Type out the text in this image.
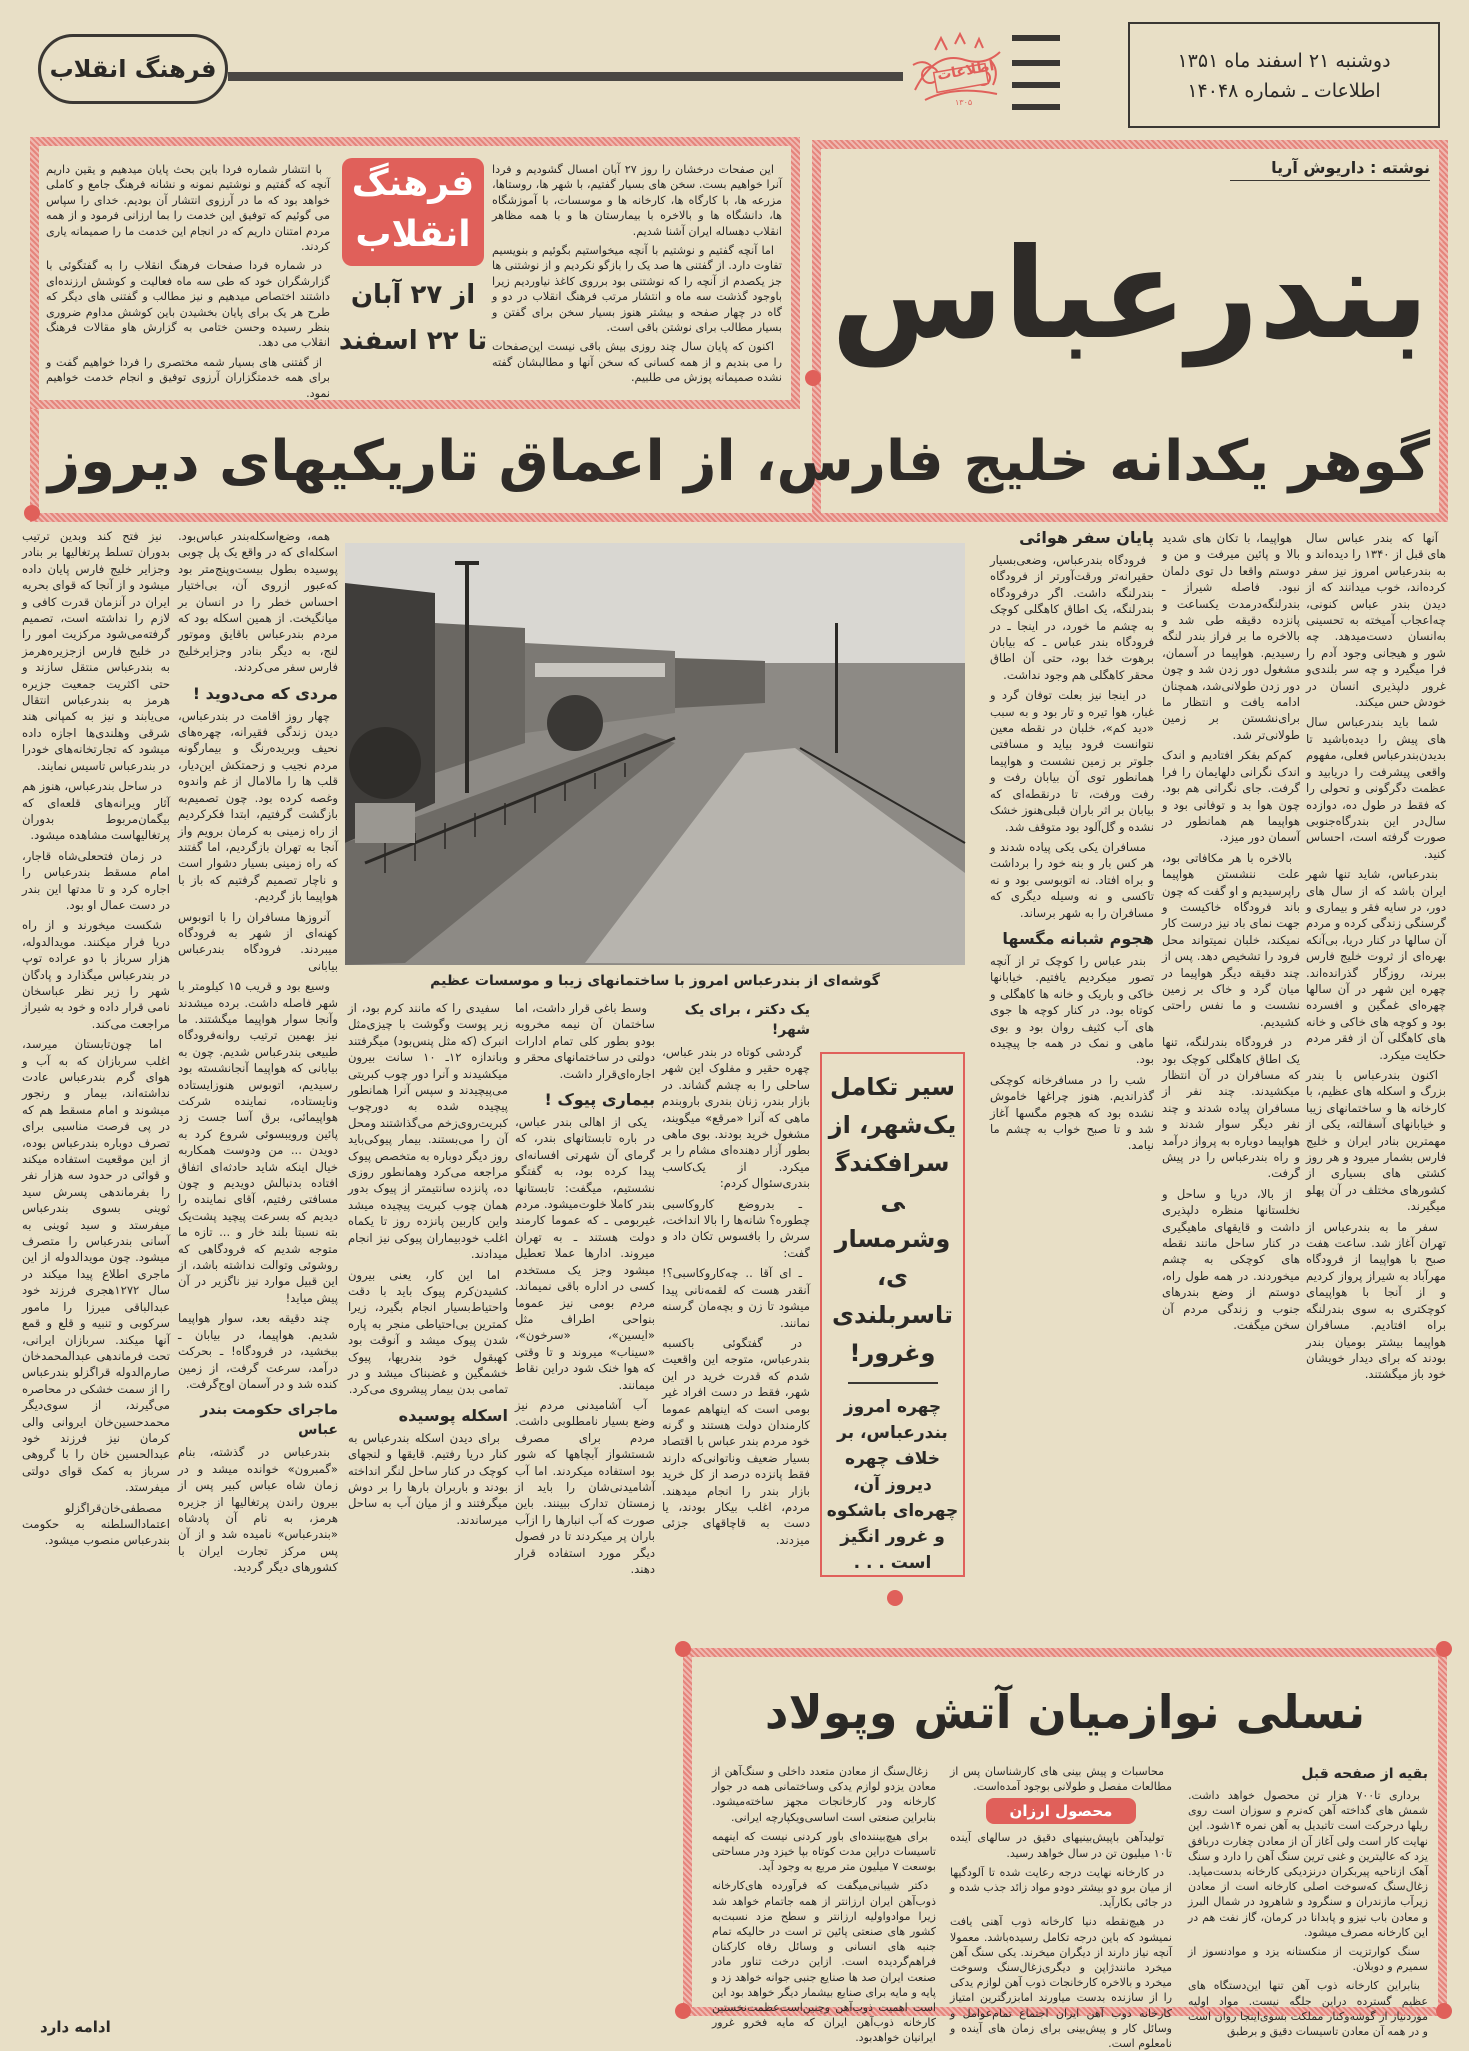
فرهنگ انقلاب	اطلاعات
۱۳۰۵
دوشنبه ۲۱ اسفند ماه ۱۳۵۱
اطلاعات ـ شماره ۱۴۰۴۸
فرهنگ
انقلاب
از ۲۷ آبان
تا ۲۲ اسفند

این صفحات درخشان را روز ۲۷ آبان امسال گشودیم و فردا آنرا خواهیم بست. سخن های بسیار گفتیم، با شهر ها، روستاها، مزرعه ها، با کارگاه ها، کارخانه ها و موسسات، با آموزشگاه ها، دانشگاه ها و بالاخره با بیمارستان ها و با همه مظاهر انقلاب دهساله ایران آشنا شدیم.

اما آنچه گفتیم و نوشتیم با آنچه میخواستیم بگوئیم و بنویسیم تفاوت دارد. از گفتنی ها صد یک را بازگو نکردیم و از نوشتنی ها جز یکصدم از آنچه را که نوشتنی بود برروی کاغذ نیاوردیم زیرا باوجود گذشت سه ماه و انتشار مرتب فرهنگ انقلاب در دو و گاه در چهار صفحه و بیشتر هنوز بسیار سخن برای گفتن و بسیار مطالب برای نوشتن باقی است.

اکنون که پایان سال چند روزی بیش باقی نیست این‌صفحات را می بندیم و از همه کسانی که سخن آنها و مطالبشان گفته نشده صمیمانه پوزش می طلبیم.

با انتشار شماره فردا باین بحث پایان میدهیم و یقین داریم آنچه که گفتیم و نوشتیم نمونه و نشانه فرهنگ جامع و کاملی خواهد بود که ما در آرزوی انتشار آن بودیم. خدای را سپاس می گوئیم که توفیق این خدمت را بما ارزانی فرمود و از همه مردم امتنان داریم که در انجام این خدمت ما را صمیمانه یاری کردند.

در شماره فردا صفحات فرهنگ انقلاب را به گفتگوئی با گزارشگران خود که طی سه ماه فعالیت و کوشش ارزنده‌ای داشتند اختصاص میدهیم و نیز مطالب و گفتنی های دیگر که طرح هر یک برای پایان بخشیدن باین کوشش مداوم ضروری بنظر رسیده وحسن ختامی به گزارش هاو مقالات فرهنگ انقلاب می دهد.

از گفتنی های بسیار شمه مختصری را فردا خواهیم گفت و برای همه خدمتگزاران آرزوی توفیق و انجام خدمت خواهیم نمود.

نوشته : داریوش آریا
بندرعباس
گوهر یکدانه خلیج فارس، از اعماق تاریکیهای دیروز
گوشه‌ای از بندرعباس امروز با ساختمانهای زیبا و موسسات عظیم

آنها که بندر عباس سال های قبل از ۱۳۴۰ را دیده‌اند و به بندرعباس امروز نیز سفر کرده‌اند، خوب میدانند که از دیدن بندر عباس کنونی، چه‌اعجاب آمیخته به تحسینی به‌انسان دست‌میدهد. چه شور و هیجانی وجود آدم را فرا میگیرد و چه سر بلندی‌و غرور دلپذیری انسان در خودش حس میکند.

شما باید بندرعباس سال های پیش را دیده‌باشید تا بدیدن‌بندرعباس فعلی، مفهوم واقعی پیشرفت را دریابید و عظمت دگرگونی و تحولی را که فقط در طول ده، دوازده سال‌در این بندرگاه‌جنوبی صورت گرفته است، احساس کنید.

بندرعباس، شاید تنها شهر ایران باشد که از سال های دور، در سایه فقر و بیماری و گرسنگی زندگی کرده و مردم آن سالها در کنار دریا، بی‌آنکه بهره‌ای از ثروت خلیج فارس ببرند، روزگار گذرانده‌اند. چهره این شهر در آن سالها چهره‌ای غمگین و افسرده بود و کوچه های خاکی و خانه های کاهگلی آن از فقر مردم حکایت میکرد.

اکنون بندرعباس با بندر بزرگ و اسکله های عظیم، با کارخانه ها و ساختمانهای زیبا و خیابانهای آسفالته، یکی از مهمترین بنادر ایران و خلیج فارس بشمار میرود و هر روز کشتی های بسیاری از کشورهای مختلف در آن پهلو میگیرند.

سفر ما به بندرعباس از تهران آغاز شد. ساعت هفت صبح با هواپیما از فرودگاه مهرآباد به شیراز پرواز کردیم و از آنجا با هواپیمای کوچکتری به سوی بندرلنگه براه افتادیم. مسافران هواپیما بیشتر بومیان بندر بودند که برای دیدار خویشان خود باز میگشتند.

هواپیما، با تکان های شدید بالا و پائین میرفت و من و دوستم واقعا دل توی دلمان نبود. فاصله شیراز ـ بندرلنگه‌درمدت یکساعت و پانزده دقیقه طی شد و بالاخره ما بر فراز بندر لنگه رسیدیم. هواپیما در آسمان، مشغول دور زدن شد و چون دور زدن طولانی‌شد، همچنان ادامه یافت و انتظار ما برای‌نشستن بر زمین طولانی‌تر شد.

کم‌کم بفکر افتادیم و اندک اندک نگرانی دلهایمان را فرا گرفت. جای نگرانی هم بود. چون هوا بد و توفانی بود و هواپیما هم همانطور در آسمان دور میزد.

بالاخره با هر مکافاتی بود، علت ننشستن هواپیما راپرسیدیم و او گفت که چون باند فرودگاه خاکیست و جهت نمای باد نیز درست کار نمیکند، خلبان نمیتواند محل فرود را تشخیص دهد. پس از چند دقیقه دیگر هواپیما در میان گرد و خاک بر زمین نشست و ما نفس راحتی کشیدیم.

در فرودگاه بندرلنگه، تنها یک اطاق کاهگلی کوچک بود که مسافران در آن انتظار میکشیدند. چند نفر از مسافران پیاده شدند و چند نفر دیگر سوار شدند و هواپیما دوباره به پرواز درآمد و راه بندرعباس را در پیش گرفت.

از بالا، دریا و ساحل و نخلستانها منظره دلپذیری داشت و قایقهای ماهیگیری در کنار ساحل مانند نقطه های کوچکی به چشم میخوردند. در همه طول راه، دوستم از وضع بندرهای جنوب و زندگی مردم آن سخن میگفت.

پایان سفر هوائی

فرودگاه بندرعباس، وضعی‌بسیار حقیرانه‌تر ورقت‌آورتر از فرودگاه بندرلنگه داشت. اگر درفرودگاه بندرلنگه، یک اطاق کاهگلی کوچک به چشم ما خورد، در اینجا ـ در فرودگاه بندر عباس ـ که بیابان برهوت خدا بود، حتی آن اطاق محقر کاهگلی هم وجود نداشت.

در اینجا نیز بعلت توفان گرد و غبار، هوا تیره و تار بود و به سبب «دید کم»، خلبان در نقطه معین نتوانست فرود بیاید و مسافتی جلوتر بر زمین نشست و هواپیما همانطور توی آن بیابان رفت و رفت ورفت، تا درنقطه‌ای که بیابان بر اثر باران قبلی‌هنوز خشک نشده و گل‌آلود بود متوقف شد.

مسافران یکی یکی پیاده شدند و هر کس بار و بنه خود را برداشت و براه افتاد. نه اتوبوسی بود و نه تاکسی و نه وسیله دیگری که مسافران را به شهر برساند.

هجوم شبانه مگسها

بندر عباس را کوچک تر از آنچه تصور میکردیم یافتیم. خیابانها خاکی و باریک و خانه ها کاهگلی و کوتاه بود. در کنار کوچه ها جوی های آب کثیف روان بود و بوی ماهی و نمک در همه جا پیچیده بود.

شب را در مسافرخانه کوچکی گذراندیم. هنوز چراغها خاموش نشده بود که هجوم مگسها آغاز شد و تا صبح خواب به چشم ما نیامد.

سیر تکامل یک‌شهر، از سرافکندگی وشرمساری، تاسربلندی وغرور!
چهره امروز بندرعباس، بر خلاف چهره دیروز آن، چهره‌ای باشکوه و غرور انگیز است . . .
یک دکتر ، برای یک شهر!

گردشی کوتاه در بندر عباس، چهره حقیر و مفلوک این شهر ساحلی را به چشم گشاند. در بازار بندر، زنان بندری باروبندم ماهی که آنرا «مرقع» میگویند، مشغول خرید بودند. بوی ماهی بطور آزار دهنده‌ای مشام را بر میکرد. از یک‌کاسب بندری‌سئوال کردم:

ـ بدروضع کاروکاسبی چطوره؟ شانه‌ها را بالا انداخت، سرش را بافسوس تکان داد و گفت:

ـ ای آقا .. چه‌کاروکاسبی؟! آنقدر هست که لقمه‌نانی پیدا میشود تا زن و بچه‌مان گرسنه نمانند.

در گفتگوئی باکسبه بندرعباس، متوجه این واقعیت شدم که قدرت خرید در این شهر، فقط در دست افراد غیر بومی است که اینهاهم عموما کارمندان دولت هستند و گرنه خود مردم بندر عباس با اقتصاد بسیار ضعیف وناتوانی‌که دارند فقط پانزده درصد از کل خرید بازار بندر را انجام میدهند. مردم، اغلب بیکار بودند، یا دست به قاچاقهای جزئی میزدند.

وسط باغی قرار داشت، اما ساختمان آن نیمه مخروبه بودو بطور کلی تمام ادارات دولتی در ساختمانهای محقر و اجاره‌ای‌قرار داشت.

بیماری پیوک !

یکی از اهالی بندر عباس، در باره تابستانهای بندر، که گرمای آن شهرتی افسانه‌ای پیدا کرده بود، به گفتگو نشستیم، میگفت: تابستانها بندر کاملا خلوت‌میشود. مردم غیربومی ـ که عموما کارمند دولت هستند ـ به تهران میروند. ادارها عملا تعطیل میشود وجز یک مستخدم کسی در اداره باقی نمیماند. مردم بومی نیز عموما بنواحی اطراف مثل «ایسین»، «سرخون»، «سیناب» میروند و تا وقتی که هوا خنک شود دراین نقاط میمانند.

آب آشامیدنی مردم نیز وضع بسیار نامطلوبی داشت. مردم برای مصرف شستشواز آبچاهها که شور بود استفاده میکردند. اما آب آشامیدنی‌شان را باید از زمستان تدارک ببینند. باین صورت که آب انبارها را ازآب باران پر میکردند تا در فصول دیگر مورد استفاده قرار دهند.

سفیدی را که مانند کرم بود، از زیر پوست وگوشت با چیزی‌مثل انبرک (که مثل پنس‌بود) میگرفتند وباندازه ۱۲ـ ۱۰ سانت بیرون میکشیدند و آنرا دور چوب کبریتی می‌پیچیدند و سپس آنرا همانطور پیچیده شده به دورچوب کبریت‌روی‌زخم می‌گذاشتند ومحل آن را می‌بستند. بیمار پیوکی‌باید روز دیگر دوباره به متخصص پیوک مراجعه می‌کرد وهمانطور روزی ده، پانزده سانتیمتر از پیوک بدور همان چوب کبریت پیچیده میشد واین کاربین پانزده روز تا یکماه اغلب خودبیماران پیوکی نیز انجام میدادند.

اما این کار، یعنی بیرون کشیدن‌کرم پیوک باید با دقت واحتیاط‌بسیار انجام بگیرد، زیرا کمترین بی‌احتیاطی منجر به پاره شدن پیوک میشد و آنوقت بود کهبقول خود بندریها، پیوک خشمگین و غضبناک میشد و در تمامی بدن بیمار پیشروی می‌کرد.

اسکله پوسیده

برای دیدن اسکله بندرعباس به کنار دریا رفتیم. قایقها و لنجهای کوچک در کنار ساحل لنگر انداخته بودند و باربران بارها را بر دوش میگرفتند و از میان آب به ساحل میرساندند.

همه، وضع‌اسکله‌بندر عباس‌بود. اسکله‌ای که در واقع یک پل چوبی پوسیده بطول بیست‌وپنج‌متر بود که‌عبور ازروی آن، بی‌اختیار احساس خطر را در انسان بر میانگیخت. از همین اسکله بود که مردم بندرعباس باقایق وموتور لنج، به دیگر بنادر وجزایرخلیج فارس سفر می‌کردند.

مردی که می‌دوید !

چهار روز اقامت در بندرعباس، دیدن زندگی فقیرانه، چهره‌های نحیف وبریده‌رنگ و بیمارگونه مردم نجیب و زحمتکش این‌دیار، قلب ها را مالامال از غم واندوه وغصه کرده بود. چون تصمیم‌به بازگشت گرفتیم، ابتدا فکرکردیم از راه زمینی به کرمان برویم واز آنجا به تهران بازگردیم، اما گفتند که راه زمینی بسیار دشوار است و ناچار تصمیم گرفتیم که باز با هواپیما باز گردیم.

آنروزها مسافران را با اتوبوس کهنه‌ای از شهر به فرودگاه میبردند. فرودگاه بندرعباس بیابانی

وسیع بود و قریب ۱۵ کیلومتر با شهر فاصله داشت. برده میشدند وآنجا سوار هواپیما میگشتند. ما نیز بهمین ترتیب روانه‌فرودگاه طبیعی بندرعباس شدیم. چون به بیابانی که هواپیما آنجانشسته بود رسیدیم، اتوبوس هنوزایستاده ونایستاده، نماینده شرکت هواپیمائی، برق آسا جست زد پائین ورویبسوئی شروع کرد به دویدن ... من ودوست همکاربه خیال اینکه شاید حادثه‌ای اتفاق افتاده بدنبالش دویدیم و چون مسافتی رفتیم، آقای نماینده را دیدیم که بسرعت پیچید پشت‌یک بته نسبتا بلند خار و ... تازه ما متوجه شدیم که فرودگاهی که روشوئی وتوالت نداشته باشد، از این قبیل موارد نیز ناگزیر در آن پیش میاید!

چند دقیقه بعد، سوار هواپیما شدیم. هواپیما، در بیابان ـ ببخشید، در فرودگاه! ـ بحرکت درآمد، سرعت گرفت، از زمین کنده شد و در آسمان اوج‌گرفت.

ماجرای حکومت بندر عباس

بندرعباس در گذشته، بنام «گمبرون» خوانده میشد و در زمان شاه عباس کبیر پس از بیرون راندن پرتغالیها از جزیره هرمز، به نام آن پادشاه «بندرعباس» نامیده شد و از آن پس مرکز تجارت ایران با کشورهای دیگر گردید.

نیز فتح کند وبدین ترتیب بدوران تسلط پرتغالیها بر بنادر وجزایر خلیج فارس پایان داده میشود و از آنجا که قوای بحریه ایران در آنزمان قدرت کافی و لازم را نداشته است، تصمیم گرفته‌می‌شود مرکزیت امور را در خلیج فارس ازجزیره‌هرمز به بندرعباس منتقل سازند و حتی اکثریت جمعیت جزیره هرمز به بندرعباس انتقال می‌یابند و نیز به کمپانی هند شرقی وهلندی‌ها اجازه داده میشود که تجارتخانه‌های خودرا در بندرعباس تاسیس نمایند.

در ساحل بندرعباس، هنوز هم آثار ویرانه‌های قلعه‌ای که بیگمان‌مربوط بدوران پرتغالیهاست مشاهده میشود.

در زمان فتحعلی‌شاه قاجار، امام مسقط بندرعباس را اجاره کرد و تا مدتها این بندر در دست عمال او بود.

شکست میخورند و از راه دریا فرار میکنند. مویدالدوله، هزار سرباز با دو عراده توپ در بندرعباس میگذارد و پادگان شهر را زیر نظر عباسخان نامی قرار داده و خود به شیراز مراجعت می‌کند.

اما چون‌تابستان میرسد، اغلب سربازان که به آب و هوای گرم بندرعباس عادت نداشته‌اند، بیمار و رنجور میشوند و امام مسقط هم که در پی فرصت مناسبی برای تصرف دوباره بندرعباس بوده، از این موقعیت استفاده میکند و قوائی در حدود سه هزار نفر را بفرماندهی پسرش سید ثوینی بسوی بندرعباس میفرستد و سید ثوینی به آسانی بندرعباس را متصرف میشود. چون مویدالدوله از این ماجری اطلاع پیدا میکند در سال ۱۲۷۲هجری فرزند خود عبدالباقی میرزا را مامور سرکوبی و تنبیه و قلع و قمع آنها میکند. سربازان ایرانی، تحت فرماندهی عبدالمحمدخان صارم‌الدوله قراگزلو بندرعباس را از سمت خشکی در محاصره می‌گیرند، از سوی‌دیگر محمدحسین‌خان ایروانی والی کرمان نیز فرزند خود عبدالحسین خان را با گروهی سرباز به کمک قوای دولتی میفرستد.

مصطفی‌خان‌قراگزلو اعتمادالسلطنه به حکومت بندرعباس منصوب میشود.

ادامه دارد
نسلی نوازمیان آتش وپولاد
بقیه از صفحه قبل

برداری تا۷۰۰ هزار تن محصول خواهد داشت. شمش های گداخته آهن که‌نرم و سوزان است روی ریلها درحرکت است تاتبدیل به آهن نمره ۱۴شود. این نهایت کار است ولی آغاز آن از معادن چغارت دربافق یزد که عالیترین و غنی ترین سنگ آهن را دارد و سنگ آهک ازناحیه پیربکران در‌نزدیکی کارخانه بدست‌میاید. زغال‌سنگ که‌سوخت اصلی کارخانه است از معادن زیرآب مازندران و سنگرود و شاهرود در شمال البرز و معادن باب نیزو و پابدانا در کرمان، گاز نفت هم در این کارخانه مصرف میشود.

سنگ کوارتزیت از منکستانه یزد و موادنسوز از سمیرم و دوبلان.

بنابراین کارخانه ذوب آهن تنها این‌دستگاه های عظیم گسترده دراین جلگه نیست. مواد اولیه موردنیاز از گوشه‌وکنار مملکت بسوی‌اینجا روان است و در همه آن معادن تاسیسات دقیق و برطبق

محاسبات و پیش بینی های کارشناسان پس از مطالعات مفصل و طولانی بوجود آمده‌است.

محصول ارزان

تولیدآهن باپیش‌بینیهای دقیق در سالهای آینده تا۱۰ میلیون تن در سال خواهد رسید.

در کارخانه نهایت درجه رعایت شده تا آلودگیها از میان برو دو بیشتر دودو مواد زائد جذب شده و در جائی بکارآید.

در هیچ‌نقطه دنیا کارخانه ذوب آهنی یافت نمیشود که باین درجه تکامل رسیده‌باشد. معمولا آنچه نیاز دارند از دیگران میخرند. یکی سنگ آهن میخرد مانندژاپن و دیگری‌زغال‌سنگ وسوخت میخرد و بالاخره کارخانجات ذوب آهن لوازم یدکی را از سازنده بدست میاورند امابزرگترین امتیاز کارخانه ذوب آهن ایران اجتماع تمام‌عوامل و وسائل کار و پیش‌بینی برای زمان های آینده و نامعلوم است.

زغال‌سنگ از معادن متعدد داخلی و سنگ‌آهن از معادن یزدو لوازم یدکی وساختمانی همه در جوار کارخانه ودر کارخانجات مجهز ساخته‌میشود. بنابراین صنعتی است اساسی‌ویکپارچه ایرانی.

برای هیچ‌بیننده‌ای باور کردنی نیست که اینهمه تاسیسات دراین مدت کوتاه بپا خیزد ودر مساحتی بوسعت ۷ میلیون متر مربع به وجود آید.

دکتر شیبانی‌میگفت که فرآورده های‌کارخانه ذوب‌آهن ایران ارزانتر از همه جاتمام خواهد شد زیرا موادواولیه ارزانتر و سطح مزد نسبت‌به کشور های صنعتی پائین تر است در حالیکه تمام جنبه های انسانی و وسائل رفاه کارکنان فراهم‌گردیده است. ازاین درخت تناور مادر صنعت ایران صد ها صنایع جنبی جوانه خواهد زد و پایه و مایه برای صنایع بیشمار دیگر خواهد بود این است اهمیت ذوب‌آهن وچنین‌است‌عظمت‌نخستین کارخانه ذوب‌آهن ایران که مایه فخرو غرور ایرانیان خواهدبود.
